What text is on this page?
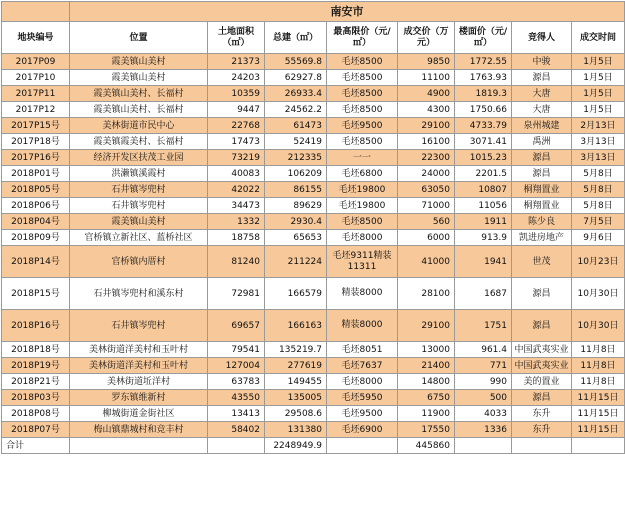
	南安市							
地块编号	位置	土地面积（㎡）	总建（㎡）	最高限价（元/㎡）	成交价（万元）	楼面价（元/㎡）	竞得人	成交时间
2017P09	霞美镇山美村	21373	55569.8	毛坯8500	9850	1772.55	中骏	1月5日
2017P10	霞美镇山美村	24203	62927.8	毛坯8500	11100	1763.93	源昌	1月5日
2017P11	霞美镇山美村、长福村	10359	26933.4	毛坯8500	4900	1819.3	大唐	1月5日
2017P12	霞美镇山美村、长福村	9447	24562.2	毛坯8500	4300	1750.66	大唐	1月5日
2017P15号	美林街道市民中心	22768	61473	毛坯9500	29100	4733.79	泉州城建	2月13日
2017P18号	霞美镇霞美村、长福村	17473	52419	毛坯8500	16100	3071.41	禹洲	3月13日
2017P16号	经济开发区扶茂工业园	73219	212335	一一	22300	1015.23	源昌	3月13日
2018P01号	洪濑镇溪霞村	40083	106209	毛坯6800	24000	2201.5	源昌	5月8日
2018P05号	石井镇岑兜村	42022	86155	毛坯19800	63050	10807	桐翔置业	5月8日
2018P06号	石井镇岑兜村	34473	89629	毛坯19800	71000	11056	桐翔置业	5月8日
2018P04号	霞美镇山美村	1332	2930.4	毛坯8500	560	1911	陈少良	7月5日
2018P09号	官桥镇立新社区、蓝桥社区	18758	65653	毛坯8000	6000	913.9	凯进房地产	9月6日
2018P14号	官桥镇内厝村	81240	211224	毛坯9311精装11311	41000	1941	世茂	10月23日
2018P15号	石井镇岑兜村和溪东村	72981	166579	精装8000	28100	1687	源昌	10月30日
2018P16号	石井镇岑兜村	69657	166163	精装8000	29100	1751	源昌	10月30日
2018P18号	美林街道洋美村和玉叶村	79541	135219.7	毛坯8051	13000	961.4	中国武夷实业	11月8日
2018P19号	美林街道洋美村和玉叶村	127004	277619	毛坯7637	21400	771	中国武夷实业	11月8日
2018P21号	美林街道坵洋村	63783	149455	毛坯8000	14800	990	美的置业	11月8日
2018P03号	罗东镇维新村	43550	135005	毛坯5950	6750	500	源昌	11月15日
2018P08号	柳城街道金街社区	13413	29508.6	毛坯9500	11900	4033	东升	11月15日
2018P07号	梅山镇鼎城村和竞丰村	58402	131380	毛坯6900	17550	1336	东升	11月15日
合计			2248949.9		445860			
